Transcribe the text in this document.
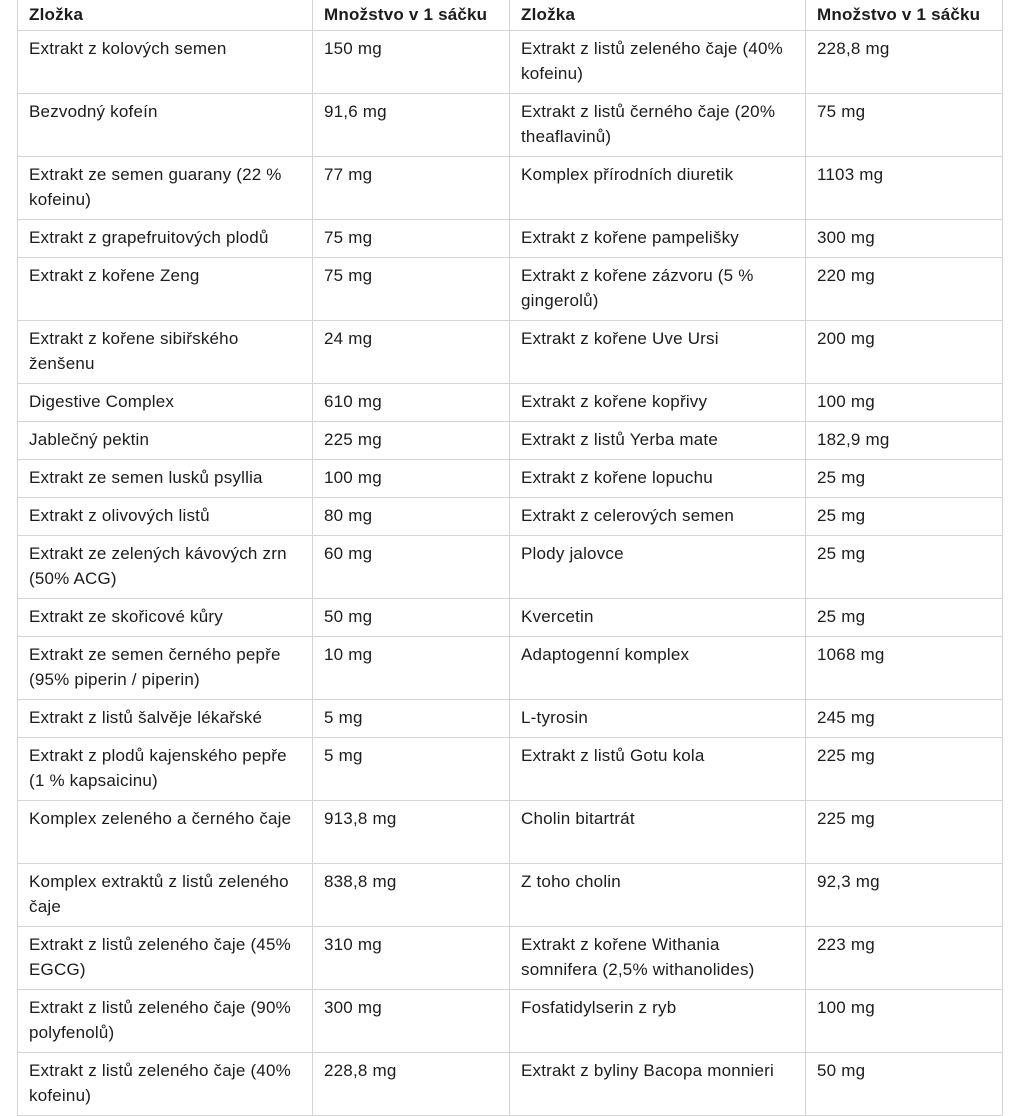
Zložka	Množstvo v 1 sáčku	Zložka	Množstvo v 1 sáčku
Extrakt z kolových semen	150 mg	Extrakt z listů zeleného čaje (40% kofeinu)	228,8 mg
Bezvodný kofeín	91,6 mg	Extrakt z listů černého čaje (20% theaflavinů)	75 mg
Extrakt ze semen guarany (22 % kofeinu)	77 mg	Komplex přírodních diuretik	1103 mg
Extrakt z grapefruitových plodů	75 mg	Extrakt z kořene pampelišky	300 mg
Extrakt z kořene Zeng	75 mg	Extrakt z kořene zázvoru (5 % gingerolů)	220 mg
Extrakt z kořene sibiřského ženšenu	24 mg	Extrakt z kořene Uve Ursi	200 mg
Digestive Complex	610 mg	Extrakt z kořene kopřivy	100 mg
Jablečný pektin	225 mg	Extrakt z listů Yerba mate	182,9 mg
Extrakt ze semen lusků psyllia	100 mg	Extrakt z kořene lopuchu	25 mg
Extrakt z olivových listů	80 mg	Extrakt z celerových semen	25 mg
Extrakt ze zelených kávových zrn (50% ACG)	60 mg	Plody jalovce	25 mg
Extrakt ze skořicové kůry	50 mg	Kvercetin	25 mg
Extrakt ze semen černého pepře (95% piperin / piperin)	10 mg	Adaptogenní komplex	1068 mg
Extrakt z listů šalvěje lékařské	5 mg	L-tyrosin	245 mg
Extrakt z plodů kajenského pepře (1 % kapsaicinu)	5 mg	Extrakt z listů Gotu kola	225 mg
Komplex zeleného a černého čaje	913,8 mg	Cholin bitartrát	225 mg
Komplex extraktů z listů zeleného čaje	838,8 mg	Z toho cholin	92,3 mg
Extrakt z listů zeleného čaje (45% EGCG)	310 mg	Extrakt z kořene Withania somnifera (2,5% withanolides)	223 mg
Extrakt z listů zeleného čaje (90% polyfenolů)	300 mg	Fosfatidylserin z ryb	100 mg
Extrakt z listů zeleného čaje (40% kofeinu)	228,8 mg	Extrakt z byliny Bacopa monnieri	50 mg
